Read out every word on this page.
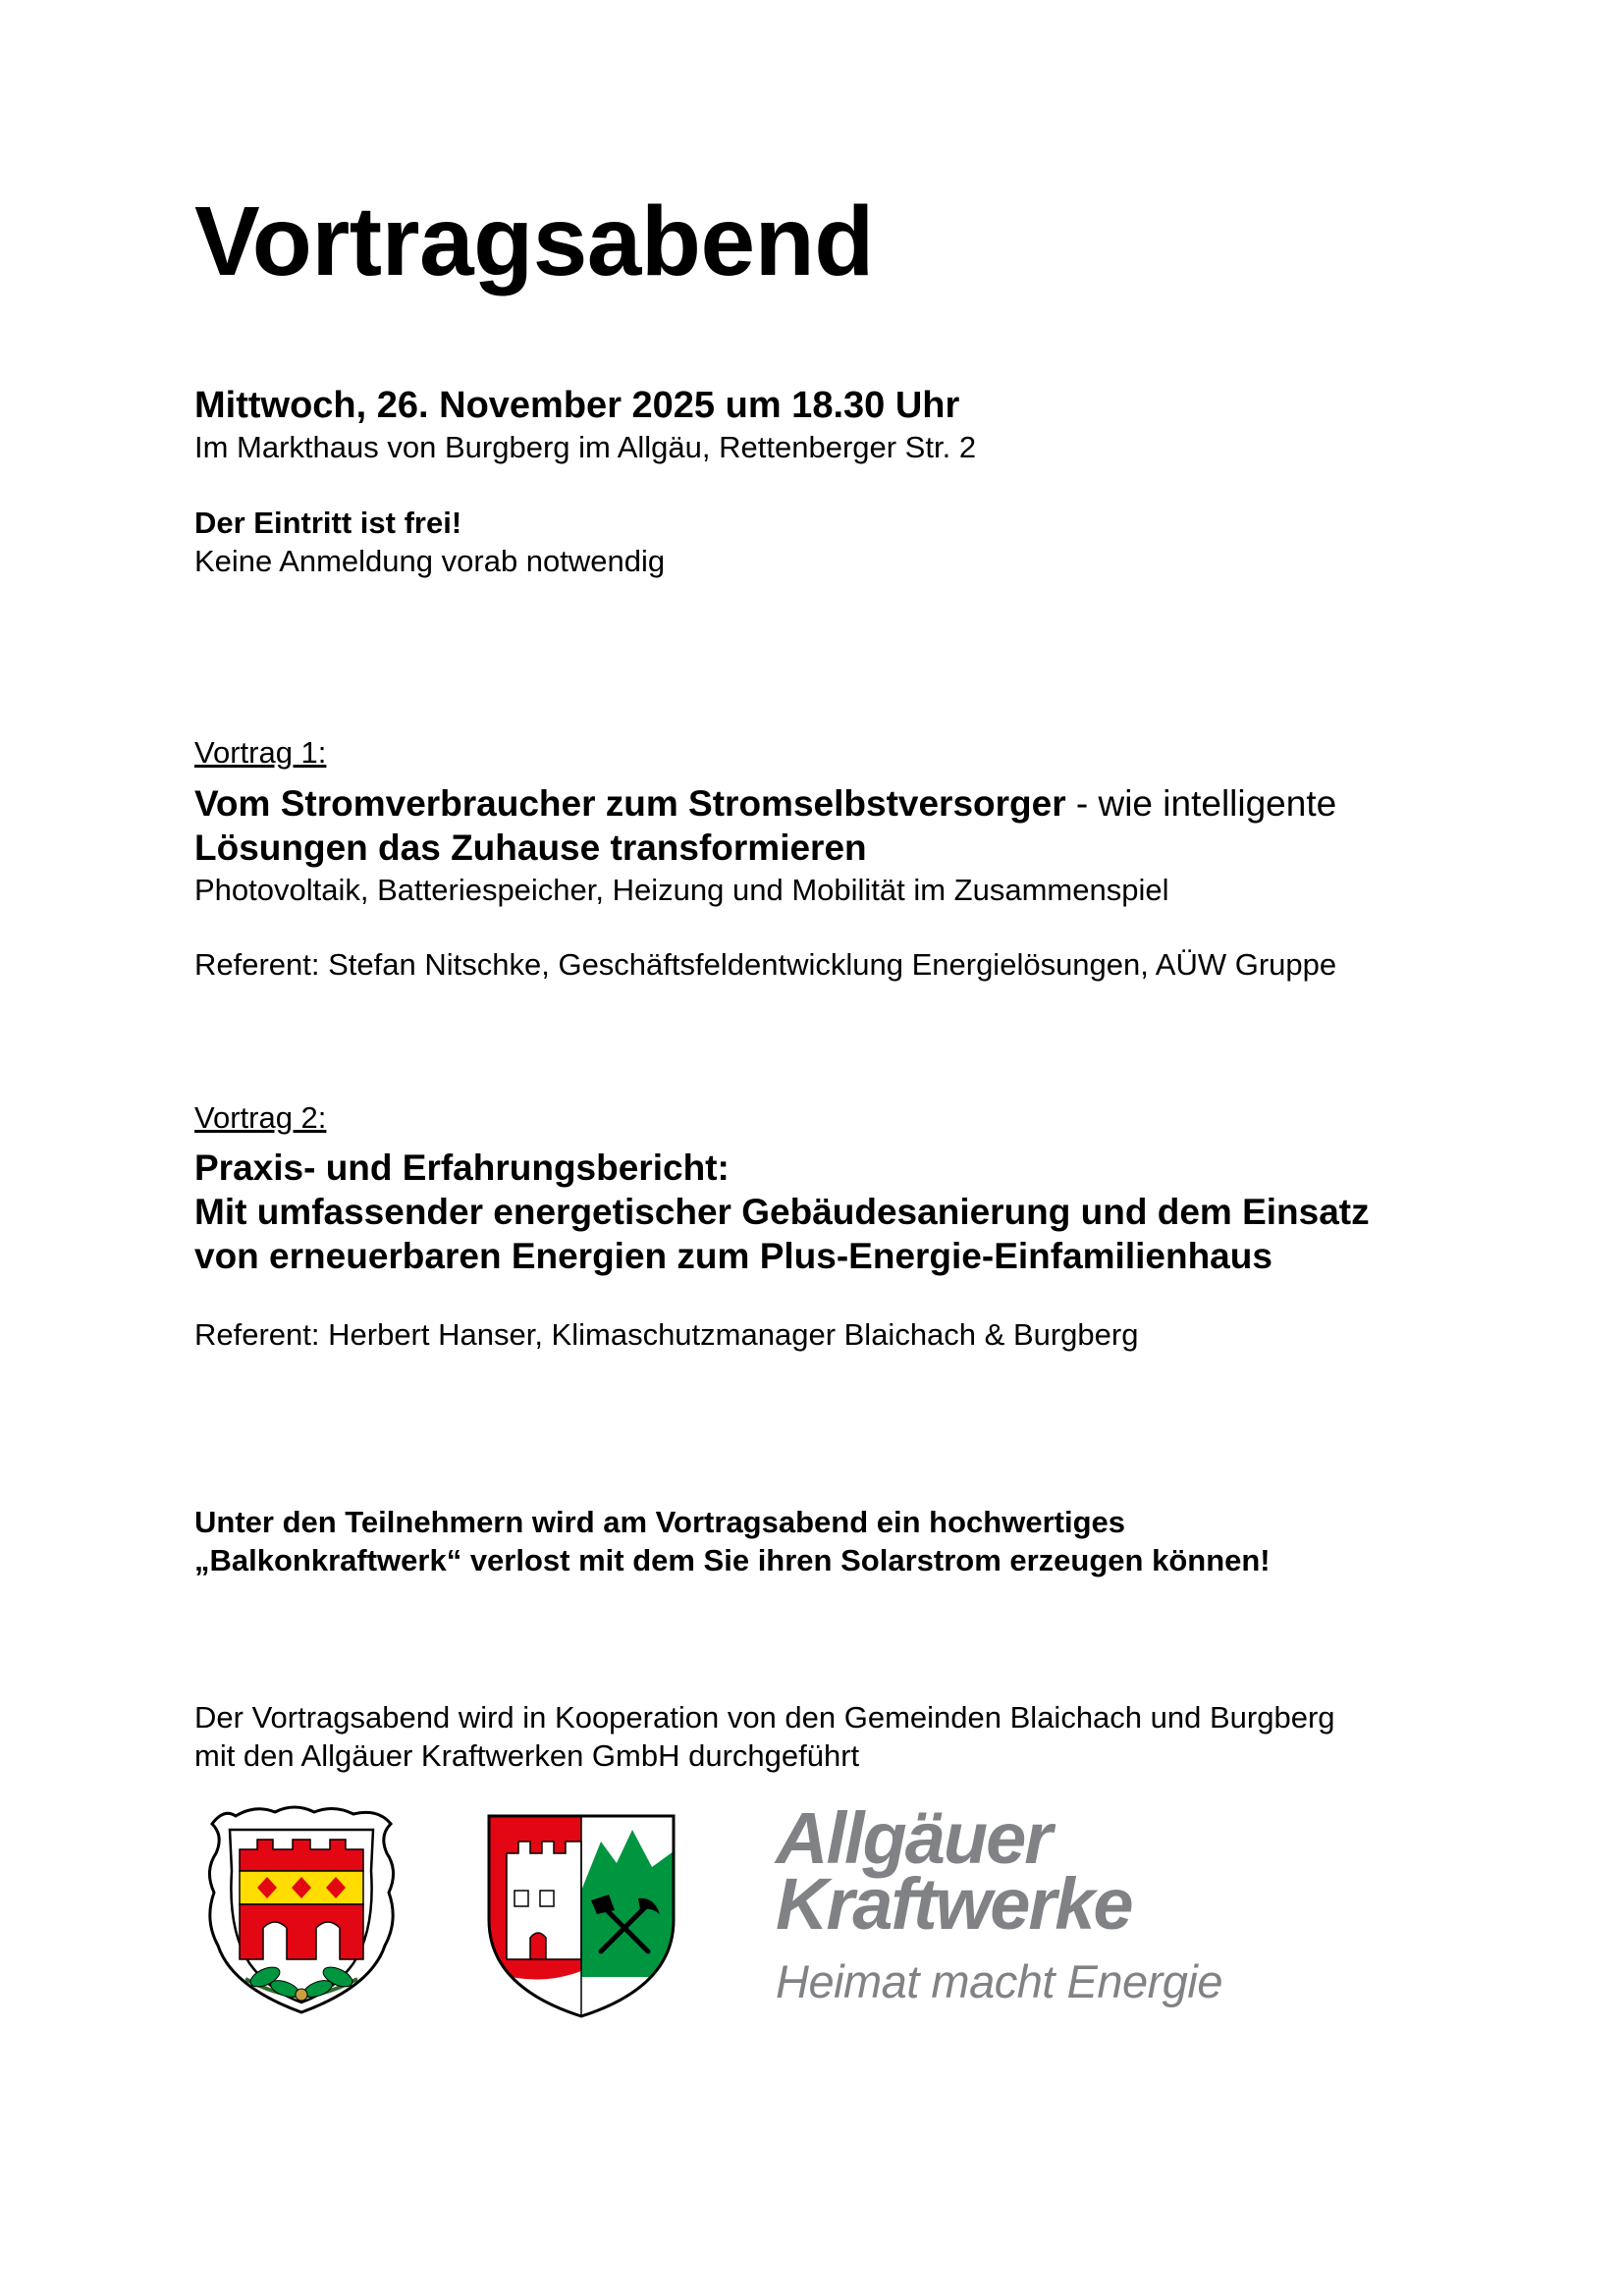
Vortragsabend
Mittwoch, 26. November 2025 um 18.30 Uhr
Im Markthaus von Burgberg im Allgäu, Rettenberger Str. 2
Der Eintritt ist frei!
Keine Anmeldung vorab notwendig
Vortrag 1:
Vom Stromverbraucher zum Stromselbstversorger - wie intelligente
Lösungen das Zuhause transformieren
Photovoltaik, Batteriespeicher, Heizung und Mobilität im Zusammenspiel
Referent: Stefan Nitschke, Geschäftsfeldentwicklung Energielösungen, AÜW Gruppe
Vortrag 2:
Praxis- und Erfahrungsbericht:
Mit umfassender energetischer Gebäudesanierung und dem Einsatz
von erneuerbaren Energien zum Plus-Energie-Einfamilienhaus
Referent: Herbert Hanser, Klimaschutzmanager Blaichach & Burgberg
Unter den Teilnehmern wird am Vortragsabend ein hochwertiges
„Balkonkraftwerk“ verlost mit dem Sie ihren Solarstrom erzeugen können!
Der Vortragsabend wird in Kooperation von den Gemeinden Blaichach und Burgberg
mit den Allgäuer Kraftwerken GmbH durchgeführt
Allgäuer
Kraftwerke
Heimat macht Energie
